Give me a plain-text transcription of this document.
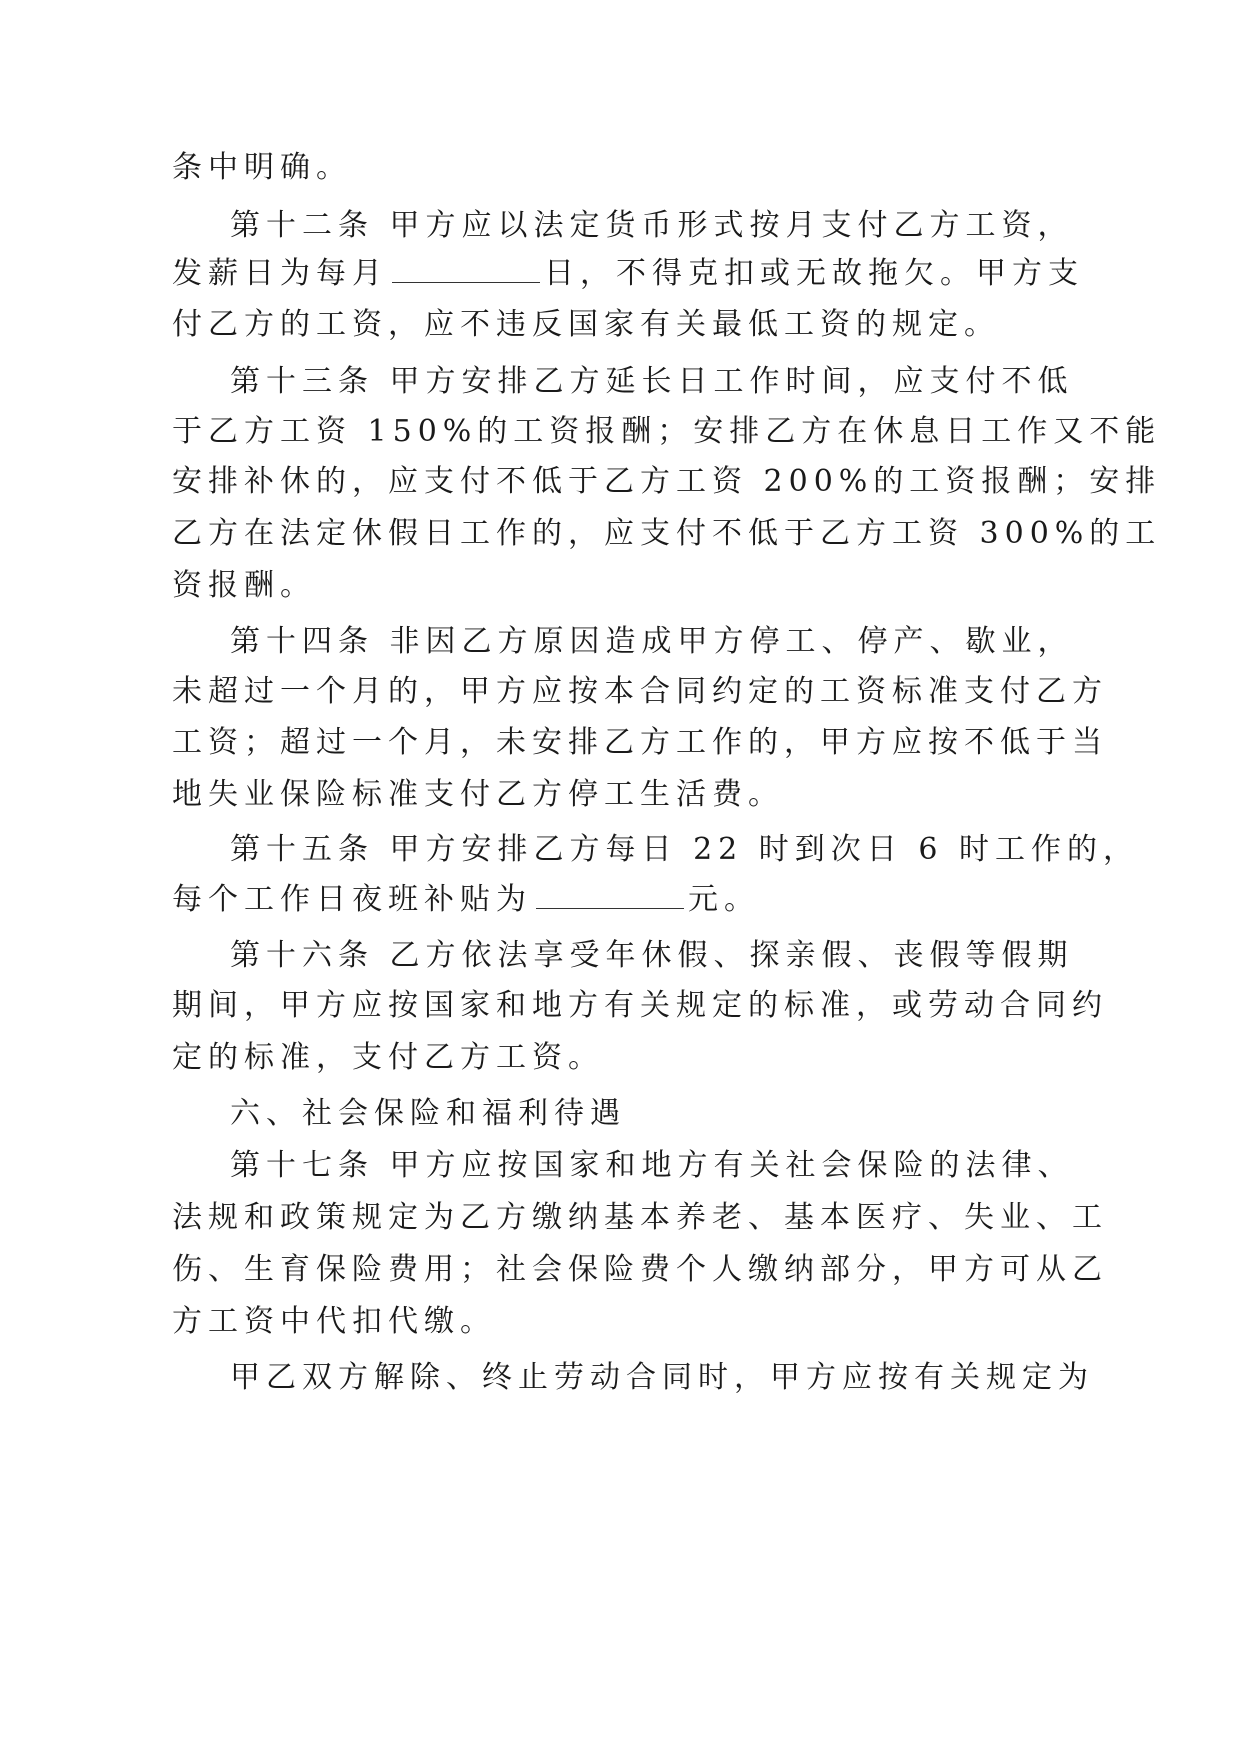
条中明确。
第十二条 甲方应以法定货币形式按月支付乙方工资，
发薪日为每月	日，不得克扣或无故拖欠。甲方支
付乙方的工资，应不违反国家有关最低工资的规定。
第十三条 甲方安排乙方延长日工作时间，应支付不低
于乙方工资 150%的工资报酬；安排乙方在休息日工作又不能
安排补休的，应支付不低于乙方工资 200%的工资报酬；安排
乙方在法定休假日工作的，应支付不低于乙方工资 300%的工
资报酬。
第十四条 非因乙方原因造成甲方停工、停产、歇业，
未超过一个月的，甲方应按本合同约定的工资标准支付乙方
工资；超过一个月，未安排乙方工作的，甲方应按不低于当
地失业保险标准支付乙方停工生活费。
第十五条 甲方安排乙方每日 22 时到次日 6 时工作的，
每个工作日夜班补贴为	元。
第十六条 乙方依法享受年休假、探亲假、丧假等假期
期间，甲方应按国家和地方有关规定的标准，或劳动合同约
定的标准，支付乙方工资。
六、社会保险和福利待遇
第十七条 甲方应按国家和地方有关社会保险的法律、
法规和政策规定为乙方缴纳基本养老、基本医疗、失业、工
伤、生育保险费用；社会保险费个人缴纳部分，甲方可从乙
方工资中代扣代缴。
甲乙双方解除、终止劳动合同时，甲方应按有关规定为
